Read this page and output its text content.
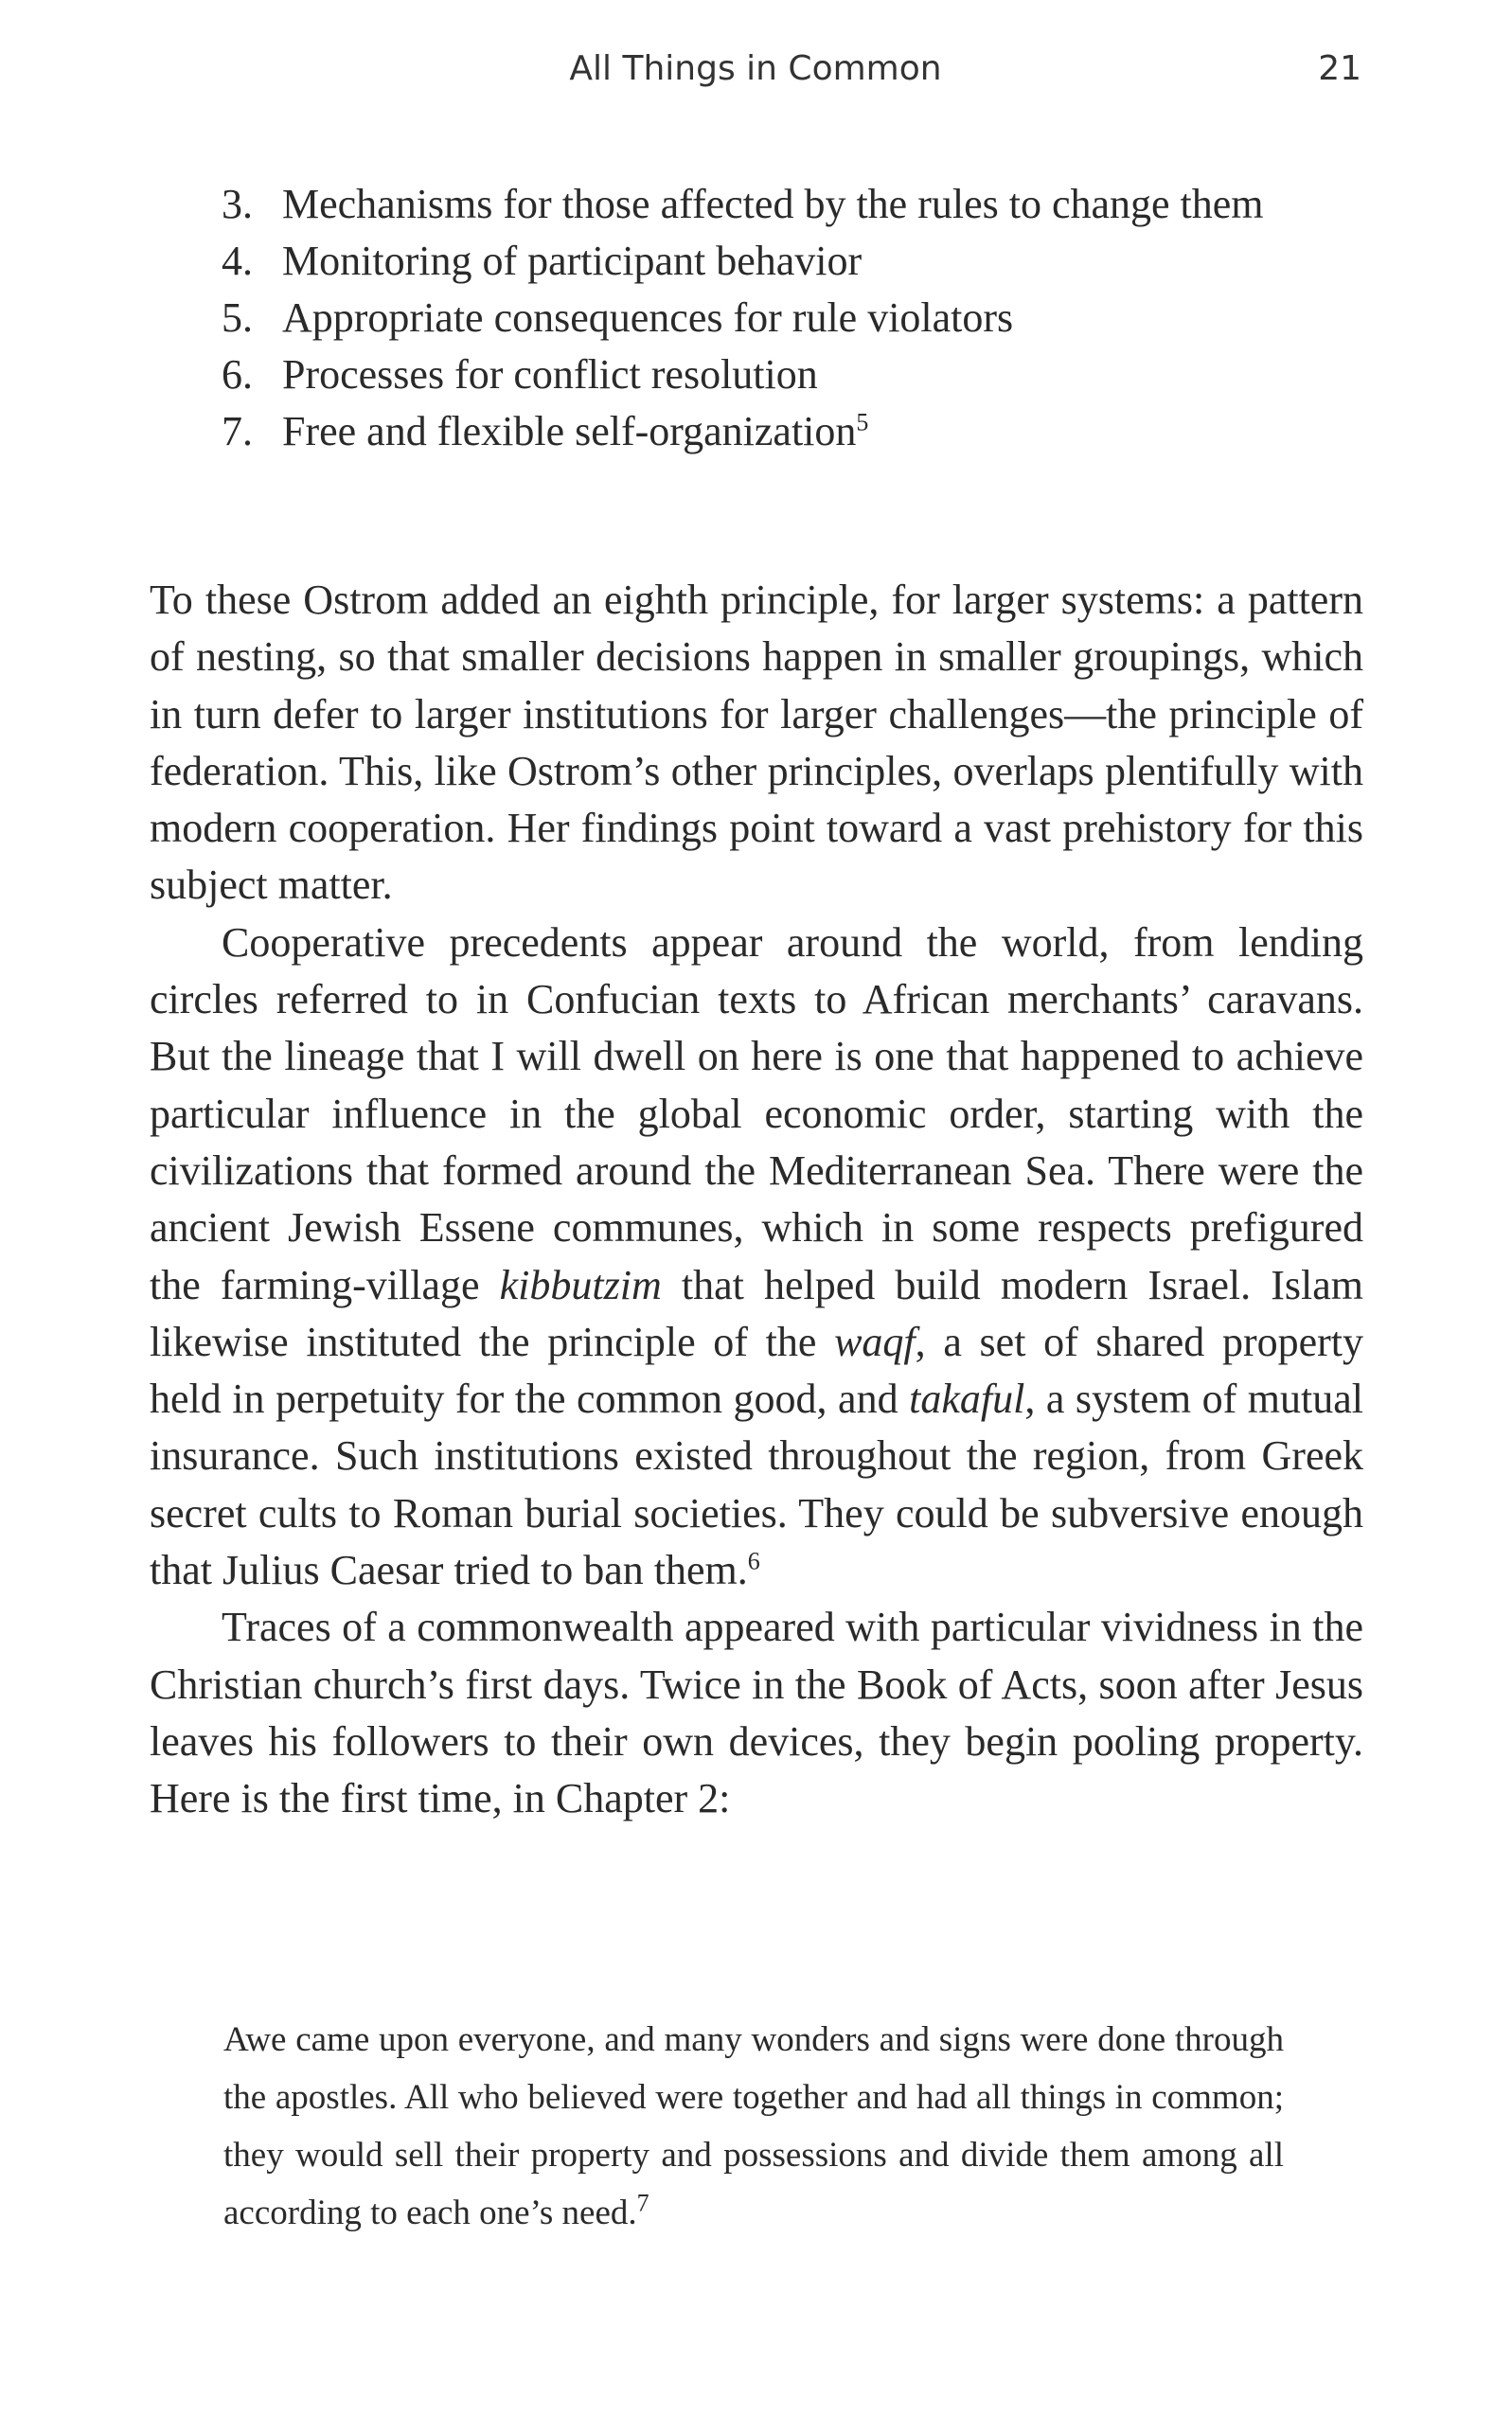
All Things in Common	21
3. Mechanisms for those affected by the rules to change them
4. Monitoring of participant behavior
5. Appropriate consequences for rule violators
6. Processes for conflict resolution
7. Free and flexible self-organization$^5$

To these Ostrom added an eighth principle, for larger systems: a pattern of nesting, so that smaller decisions happen in smaller groupings, which in turn defer to larger institutions for larger challenges—the principle of federation. This, like Ostrom’s other principles, overlaps plentifully with modern cooperation. Her findings point toward a vast prehistory for this subject matter.

Cooperative precedents appear around the world, from lending circles referred to in Confucian texts to African merchants’ caravans. But the lineage that I will dwell on here is one that happened to achieve particular influence in the global economic order, starting with the civilizations that formed around the Mediterranean Sea. There were the ancient Jewish Essene communes, which in some respects prefigured the farming-village kibbutzim that helped build modern Israel. Islam likewise instituted the principle of the waqf, a set of shared property held in perpetuity for the common good, and takaful, a system of mutual insurance. Such institutions existed throughout the region, from Greek secret cults to Roman burial societies. They could be subversive enough that Julius Caesar tried to ban them.$^6$

Traces of a commonwealth appeared with particular vividness in the Christian church’s first days. Twice in the Book of Acts, soon after Jesus leaves his followers to their own devices, they begin pooling property. Here is the first time, in Chapter 2:

Awe came upon everyone, and many wonders and signs were done through the apostles. All who believed were together and had all things in common; they would sell their property and possessions and divide them among all according to each one’s need.$^7$
